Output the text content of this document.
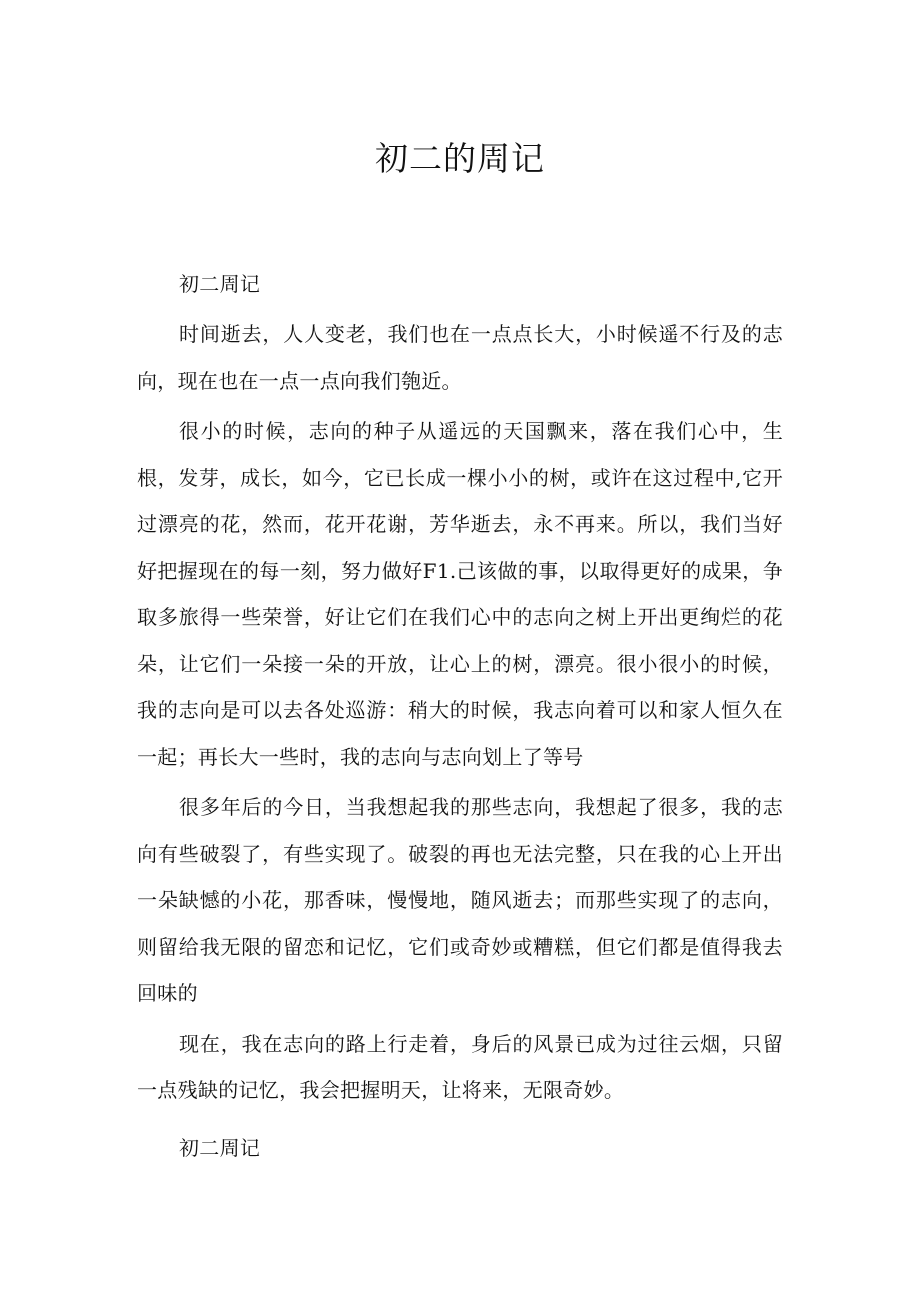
初二的周记

初二周记

时间逝去，人人变老，我们也在一点点长大，小时候遥不行及的志向，现在也在一点一点向我们匏近。

很小的时候，志向的种子从遥远的天国飘来，落在我们心中，生根，发芽，成长，如今，它已长成一棵小小的树，或许在这过程中,它开过漂亮的花，然而，花开花谢，芳华逝去，永不再来。所以，我们当好好把握现在的每一刻，努力做好F1.己该做的事，以取得更好的成果，争取多旅得一些荣誉，好让它们在我们心中的志向之树上开出更绚烂的花朵，让它们一朵接一朵的开放，让心上的树，漂亮。很小很小的时候，我的志向是可以去各处巡游：稍大的时候，我志向着可以和家人恒久在一起；再长大一些时，我的志向与志向划上了等号

很多年后的今日，当我想起我的那些志向，我想起了很多，我的志向有些破裂了，有些实现了。破裂的再也无法完整，只在我的心上开出一朵缺憾的小花，那香味，慢慢地，随风逝去；而那些实现了的志向，则留给我无限的留恋和记忆，它们或奇妙或糟糕，但它们都是值得我去回味的

现在，我在志向的路上行走着，身后的风景已成为过往云烟，只留一点残缺的记忆，我会把握明天，让将来，无限奇妙。

初二周记
